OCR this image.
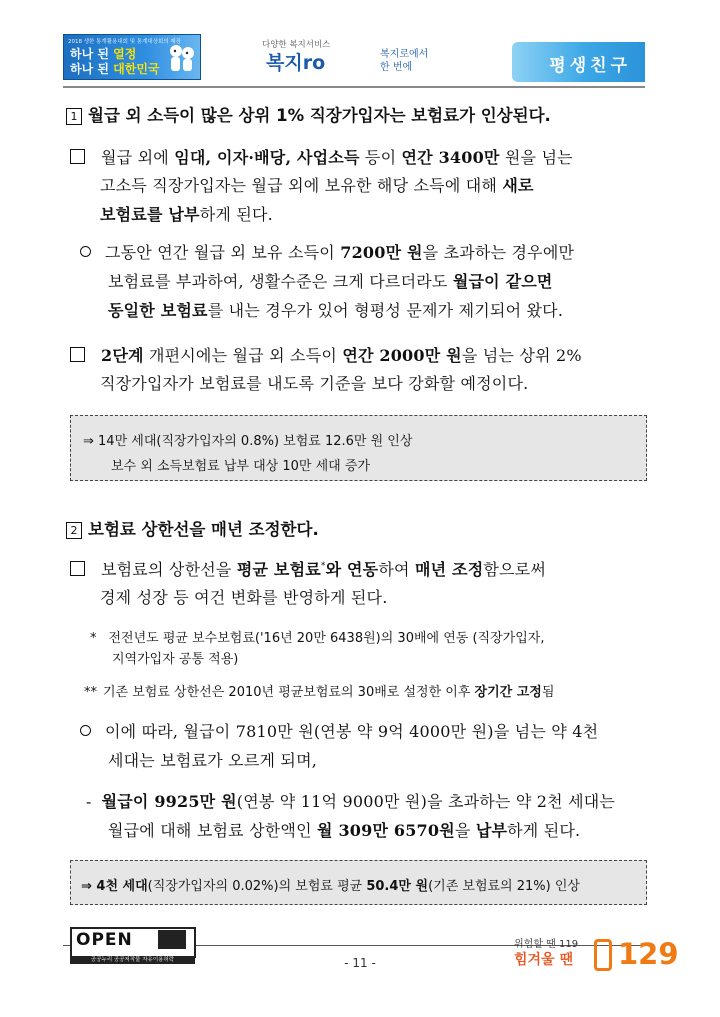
2018 생한 통계활용대회 및 통계대상회의 제장
하나 된 열정
하나 된 대한민국
다양한 복지서비스
복지ro	복지로에서
한 번에	평생친구
1 월급 외 소득이 많은 상위 1% 직장가입자는 보험료가 인상된다.
월급 외에 임대, 이자·배당, 사업소득 등이 연간 3400만 원을 넘는
고소득 직장가입자는 월급 외에 보유한 해당 소득에 대해 새로
보험료를 납부하게 된다.
그동안 연간 월급 외 보유 소득이 7200만 원을 초과하는 경우에만
보험료를 부과하여, 생활수준은 크게 다르더라도 월급이 같으면
동일한 보험료를 내는 경우가 있어 형평성 문제가 제기되어 왔다.
2단계 개편시에는 월급 외 소득이 연간 2000만 원을 넘는 상위 2%
직장가입자가 보험료를 내도록 기준을 보다 강화할 예정이다.
⇒ 14만 세대(직장가입자의 0.8%) 보험료 12.6만 원 인상
보수 외 소득보험료 납부 대상 10만 세대 증가
2 보험료 상한선을 매년 조정한다.
보험료의 상한선을 평균 보험료*와 연동하여 매년 조정함으로써
경제 성장 등 여건 변화를 반영하게 된다.
* 전전년도 평균 보수보험료('16년 20만 6438원)의 30배에 연동 (직장가입자,
지역가입자 공통 적용)
** 기존 보험료 상한선은 2010년 평균보험료의 30배로 설정한 이후 장기간 고정됨
이에 따라, 월급이 7810만 원(연봉 약 9억 4000만 원)을 넘는 약 4천
세대는 보험료가 오르게 되며,
- 월급이 9925만 원(연봉 약 11억 9000만 원)을 초과하는 약 2천 세대는
월급에 대해 보험료 상한액인 월 309만 6570원을 납부하게 된다.
⇒ 4천 세대(직장가입자의 0.02%)의 보험료 평균 50.4만 원(기존 보험료의 21%) 인상
OPEN
공공누리 공공저작물 자유이용허락	- 11 -
위험할 땐 119
힘겨울 땐 129
